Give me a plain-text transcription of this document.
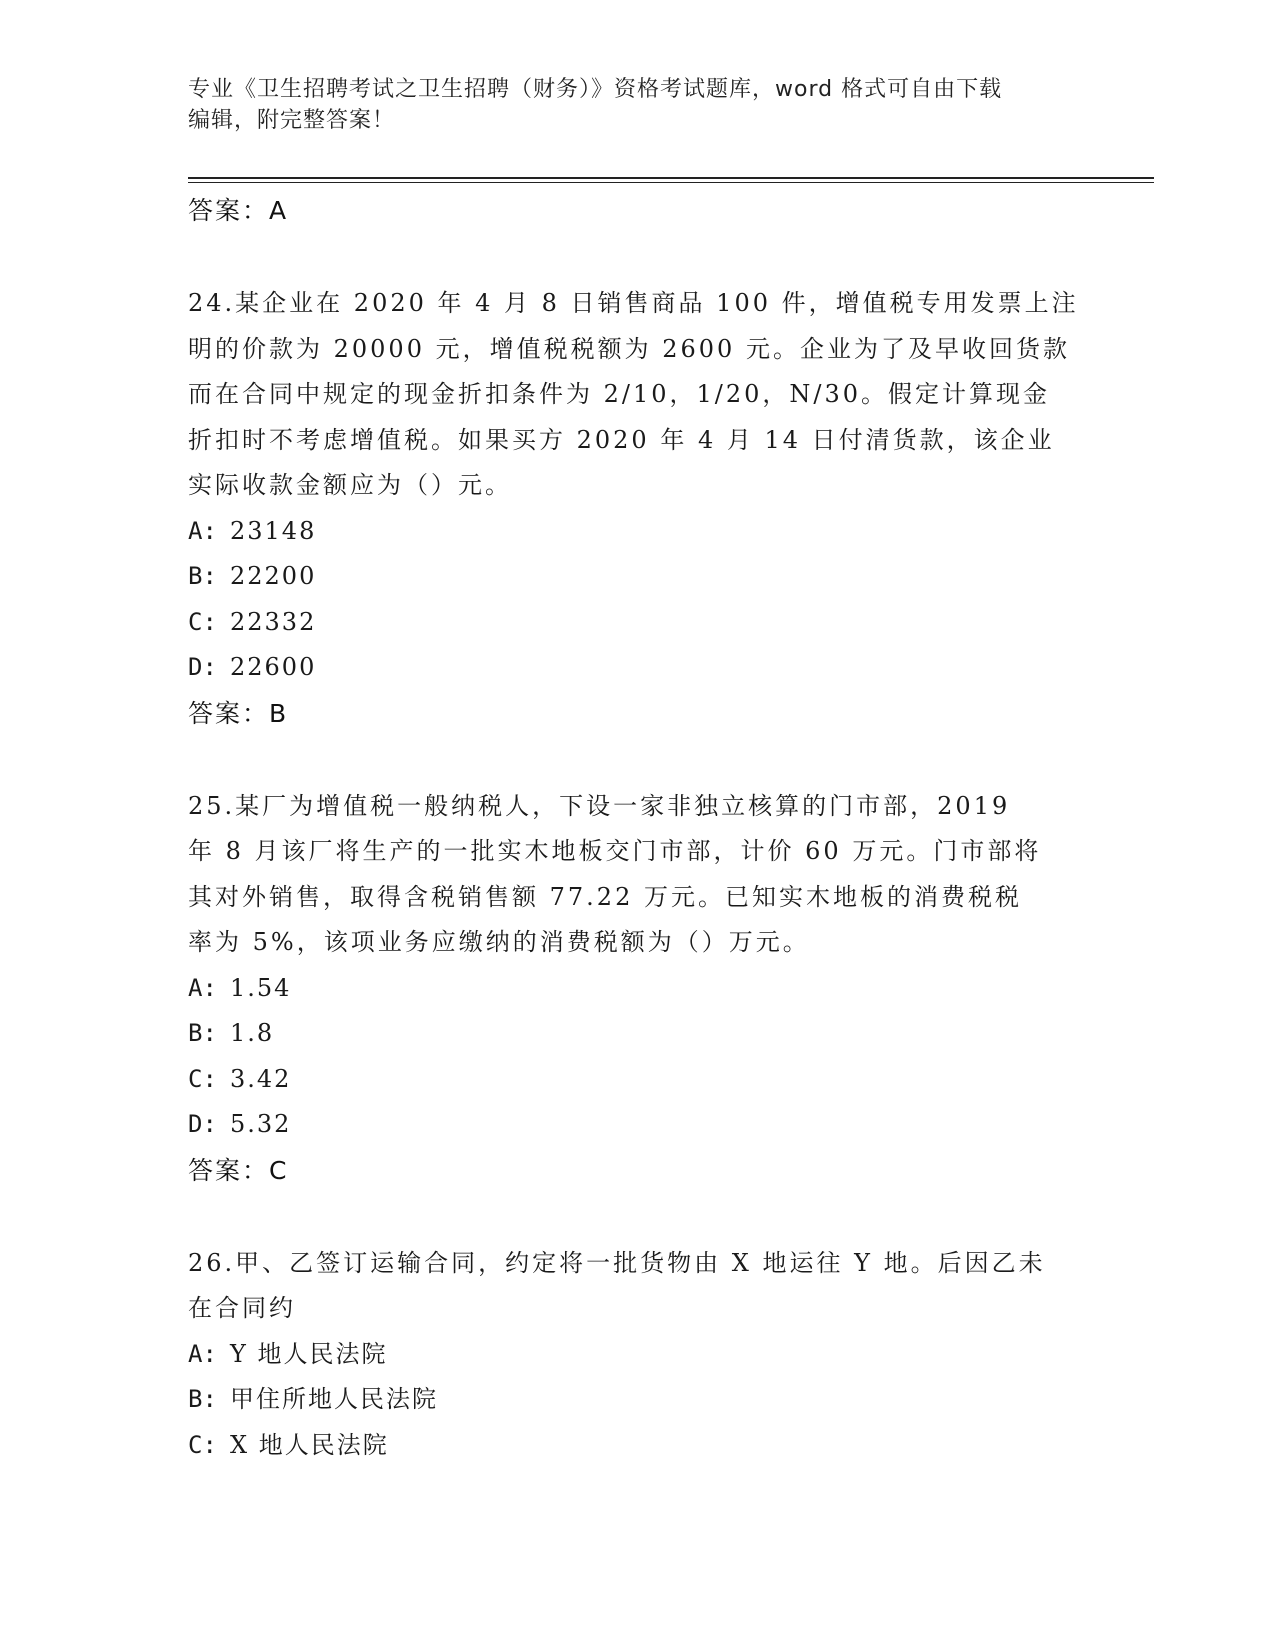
专业《卫生招聘考试之卫生招聘（财务）》资格考试题库，word 格式可自由下载
编辑，附完整答案！
答案：A
24.某企业在 2020 年 4 月 8 日销售商品 100 件，增值税专用发票上注
明的价款为 20000 元，增值税税额为 2600 元。企业为了及早收回货款
而在合同中规定的现金折扣条件为 2/10，1/20，N/30。假定计算现金
折扣时不考虑增值税。如果买方 2020 年 4 月 14 日付清货款，该企业
实际收款金额应为（）元。
A: 23148
B: 22200
C: 22332
D: 22600
答案：B
25.某厂为增值税一般纳税人，下设一家非独立核算的门市部，2019
年 8 月该厂将生产的一批实木地板交门市部，计价 60 万元。门市部将
其对外销售，取得含税销售额 77.22 万元。已知实木地板的消费税税
率为 5%，该项业务应缴纳的消费税额为（）万元。
A: 1.54
B: 1.8
C: 3.42
D: 5.32
答案：C
26.甲、乙签订运输合同，约定将一批货物由 X 地运往 Y 地。后因乙未
在合同约
A: Y 地人民法院
B: 甲住所地人民法院
C: X 地人民法院
